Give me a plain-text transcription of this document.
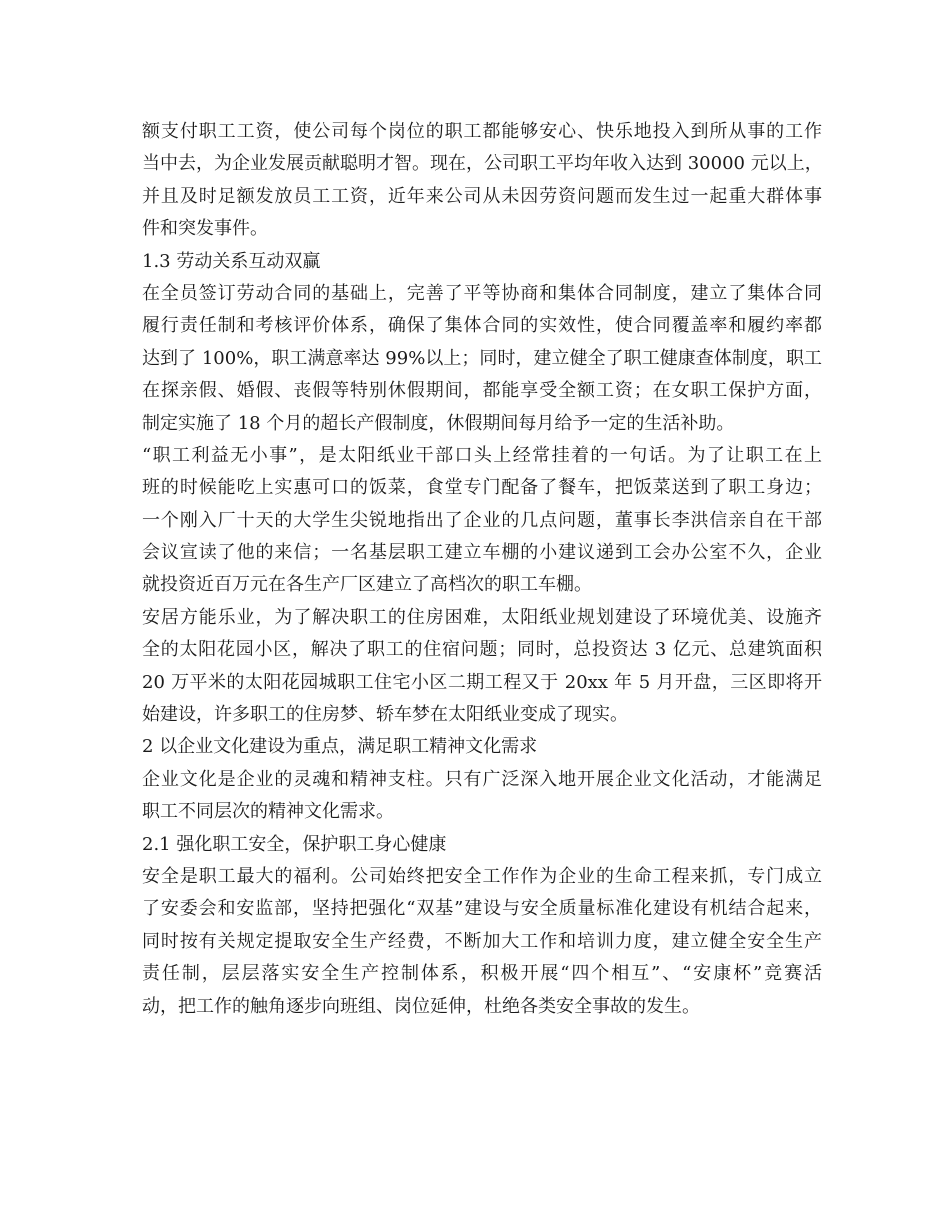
额支付职工工资，使公司每个岗位的职工都能够安心、快乐地投入到所从事的工作
当中去，为企业发展贡献聪明才智。现在，公司职工平均年收入达到 30000 元以上，
并且及时足额发放员工工资，近年来公司从未因劳资问题而发生过一起重大群体事
件和突发事件。
1.3 劳动关系互动双赢
在全员签订劳动合同的基础上，完善了平等协商和集体合同制度，建立了集体合同
履行责任制和考核评价体系，确保了集体合同的实效性，使合同覆盖率和履约率都
达到了 100%，职工满意率达 99%以上；同时，建立健全了职工健康查体制度，职工
在探亲假、婚假、丧假等特别休假期间，都能享受全额工资；在女职工保护方面，
制定实施了 18 个月的超长产假制度，休假期间每月给予一定的生活补助。
“职工利益无小事”，是太阳纸业干部口头上经常挂着的一句话。为了让职工在上
班的时候能吃上实惠可口的饭菜，食堂专门配备了餐车，把饭菜送到了职工身边；
一个刚入厂十天的大学生尖锐地指出了企业的几点问题，董事长李洪信亲自在干部
会议宣读了他的来信；一名基层职工建立车棚的小建议递到工会办公室不久，企业
就投资近百万元在各生产厂区建立了高档次的职工车棚。
安居方能乐业，为了解决职工的住房困难，太阳纸业规划建设了环境优美、设施齐
全的太阳花园小区，解决了职工的住宿问题；同时，总投资达 3 亿元、总建筑面积
20 万平米的太阳花园城职工住宅小区二期工程又于 20xx 年 5 月开盘，三区即将开
始建设，许多职工的住房梦、轿车梦在太阳纸业变成了现实。
2 以企业文化建设为重点，满足职工精神文化需求
企业文化是企业的灵魂和精神支柱。只有广泛深入地开展企业文化活动，才能满足
职工不同层次的精神文化需求。
2.1 强化职工安全，保护职工身心健康
安全是职工最大的福利。公司始终把安全工作作为企业的生命工程来抓，专门成立
了安委会和安监部，坚持把强化“双基”建设与安全质量标准化建设有机结合起来，
同时按有关规定提取安全生产经费，不断加大工作和培训力度，建立健全安全生产
责任制，层层落实安全生产控制体系，积极开展“四个相互”、“安康杯”竞赛活
动，把工作的触角逐步向班组、岗位延伸，杜绝各类安全事故的发生。
